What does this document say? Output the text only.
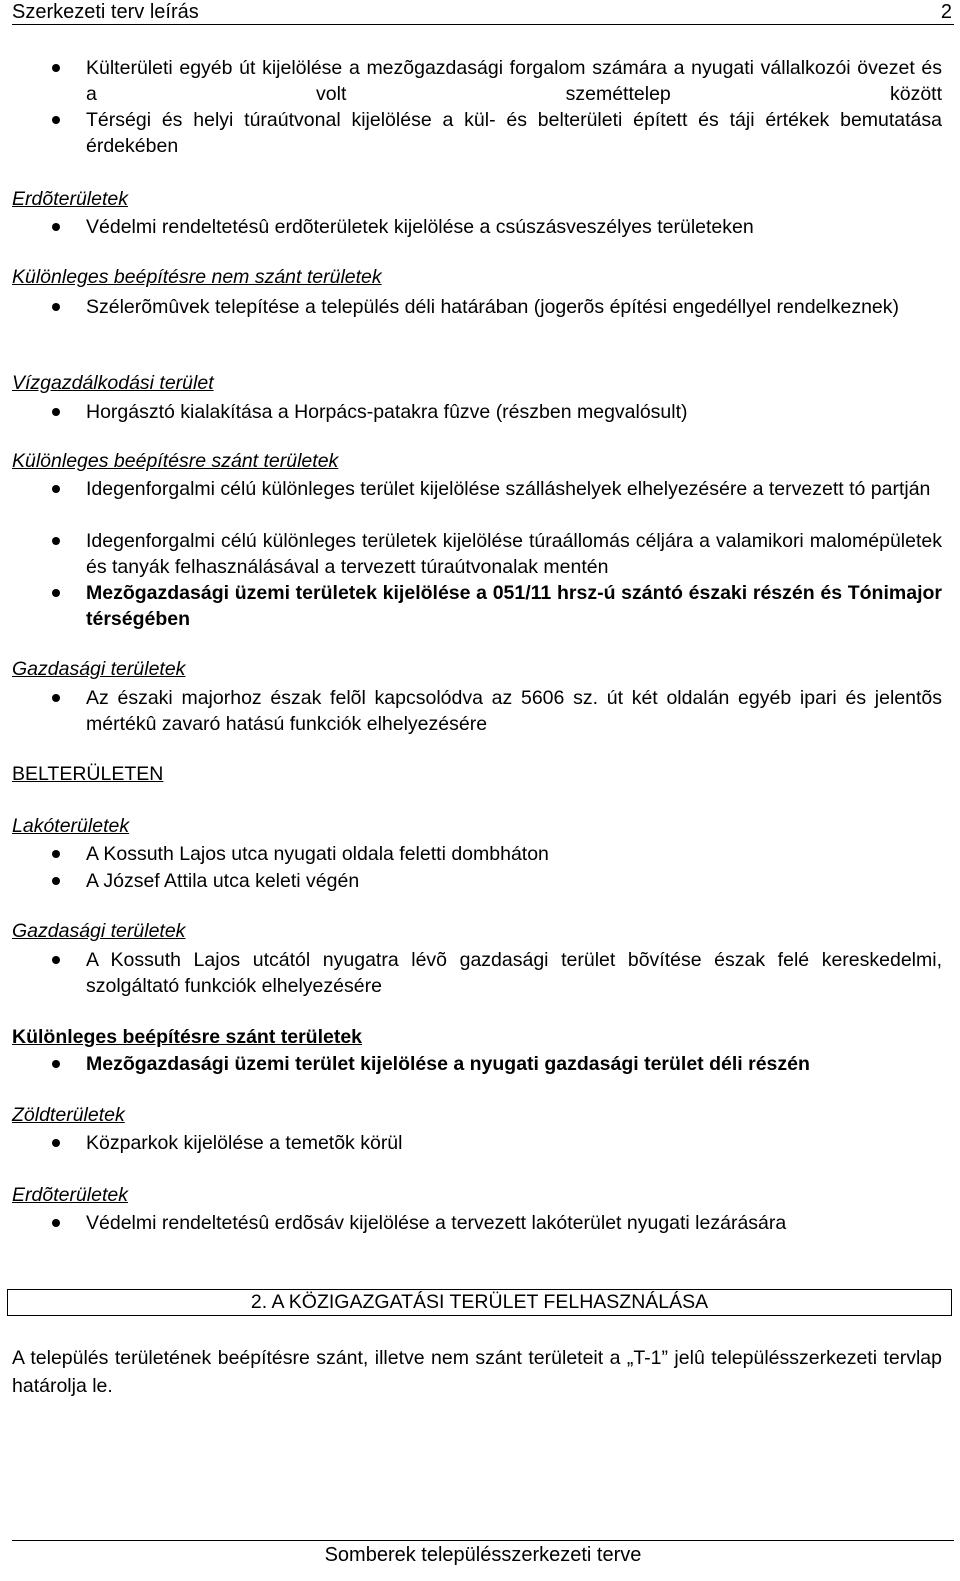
Szerkezeti terv leírás	2
Külterületi egyéb út kijelölése a mezõgazdasági forgalom számára a nyugati vállalkozói övezet és a volt szeméttelep között
Térségi és helyi túraútvonal kijelölése a kül- és belterületi épített és táji értékek bemutatása érdekében
Erdõterületek
Védelmi rendeltetésû erdõterületek kijelölése a csúszásveszélyes területeken
Különleges beépítésre nem szánt területek
Szélerõmûvek telepítése a település déli határában (jogerõs építési engedéllyel rendelkeznek)
Vízgazdálkodási terület
Horgásztó kialakítása a Horpács-patakra fûzve (részben megvalósult)
Különleges beépítésre szánt területek
Idegenforgalmi célú különleges terület kijelölése szálláshelyek elhelyezésére a tervezett tó partján
Idegenforgalmi célú különleges területek kijelölése túraállomás céljára a valamikori malomépületek és tanyák felhasználásával a tervezett túraútvonalak mentén
Mezõgazdasági üzemi területek kijelölése a 051/11 hrsz-ú szántó északi részén és Tónimajor térségében
Gazdasági területek
Az északi majorhoz észak felõl kapcsolódva az 5606 sz. út két oldalán egyéb ipari és jelentõs mértékû zavaró hatású funkciók elhelyezésére
BELTERÜLETEN
Lakóterületek
A Kossuth Lajos utca nyugati oldala feletti dombháton
A József Attila utca keleti végén
Gazdasági területek
A Kossuth Lajos utcától nyugatra lévõ gazdasági terület bõvítése észak felé kereskedelmi, szolgáltató funkciók elhelyezésére
Különleges beépítésre szánt területek
Mezõgazdasági üzemi terület kijelölése a nyugati gazdasági terület déli részén
Zöldterületek
Közparkok kijelölése a temetõk körül
Erdõterületek
Védelmi rendeltetésû erdõsáv kijelölése a tervezett lakóterület nyugati lezárására
2. A KÖZIGAZGATÁSI TERÜLET FELHASZNÁLÁSA
A település területének beépítésre szánt, illetve nem szánt területeit a „T-1” jelû településszerkezeti tervlap határolja le.
Somberek településszerkezeti terve
